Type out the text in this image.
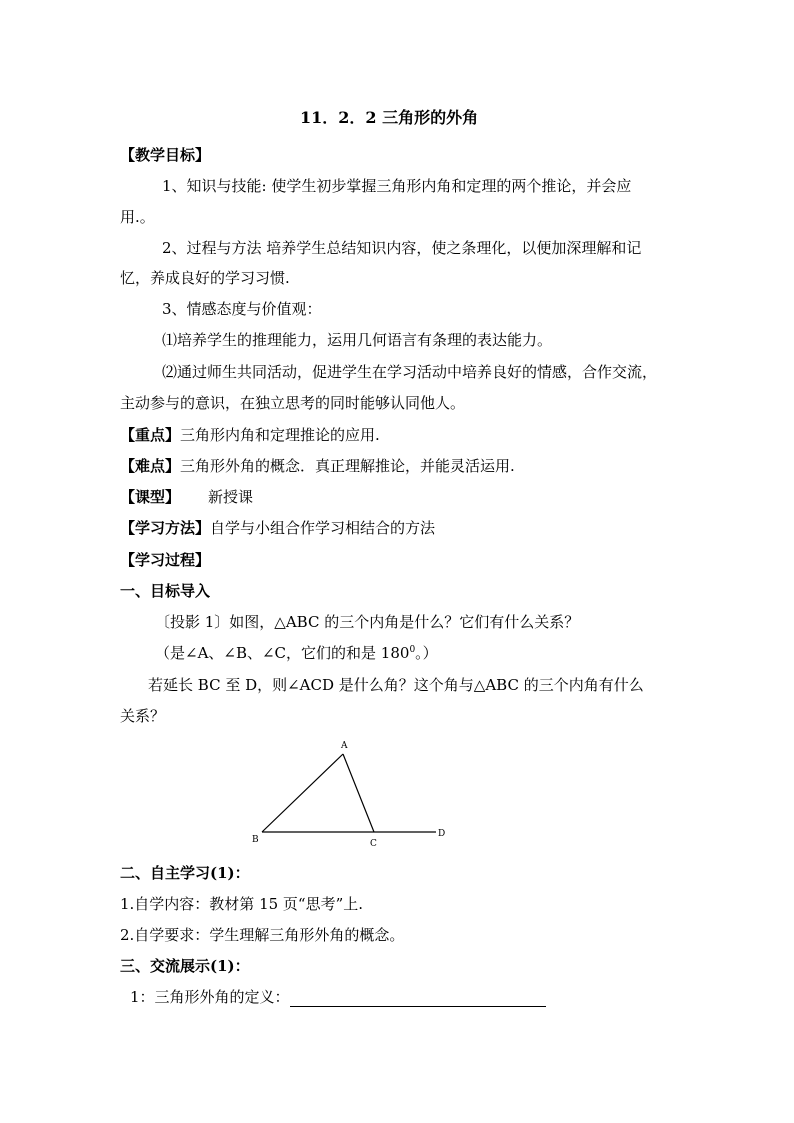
11．2．2 三角形的外角
【教学目标】
1、知识与技能: 使学生初步掌握三角形内角和定理的两个推论，并会应
用.。
2、过程与方法 培养学生总结知识内容，使之条理化，以便加深理解和记
忆，养成良好的学习习惯.
3、情感态度与价值观：
⑴培养学生的推理能力，运用几何语言有条理的表达能力。
⑵通过师生共同活动，促进学生在学习活动中培养良好的情感，合作交流，
主动参与的意识，在独立思考的同时能够认同他人。
【重点】三角形内角和定理推论的应用.
【难点】三角形外角的概念．真正理解推论，并能灵活运用.
【课型】 新授课
【学习方法】自学与小组合作学习相结合的方法
【学习过程】
一、目标导入
〔投影 1〕如图，△ABC 的三个内角是什么？它们有什么关系？
（是∠A、∠B、∠C，它们的和是 $180^0$。）
若延长 BC 至 D，则∠ACD 是什么角？这个角与△ABC 的三个内角有什么
关系？
A
B	C
D
二、自主学习(1)：
1.自学内容：教材第 15 页“思考”上.
2.自学要求：学生理解三角形外角的概念。
三、交流展示(1)：
1：三角形外角的定义：
